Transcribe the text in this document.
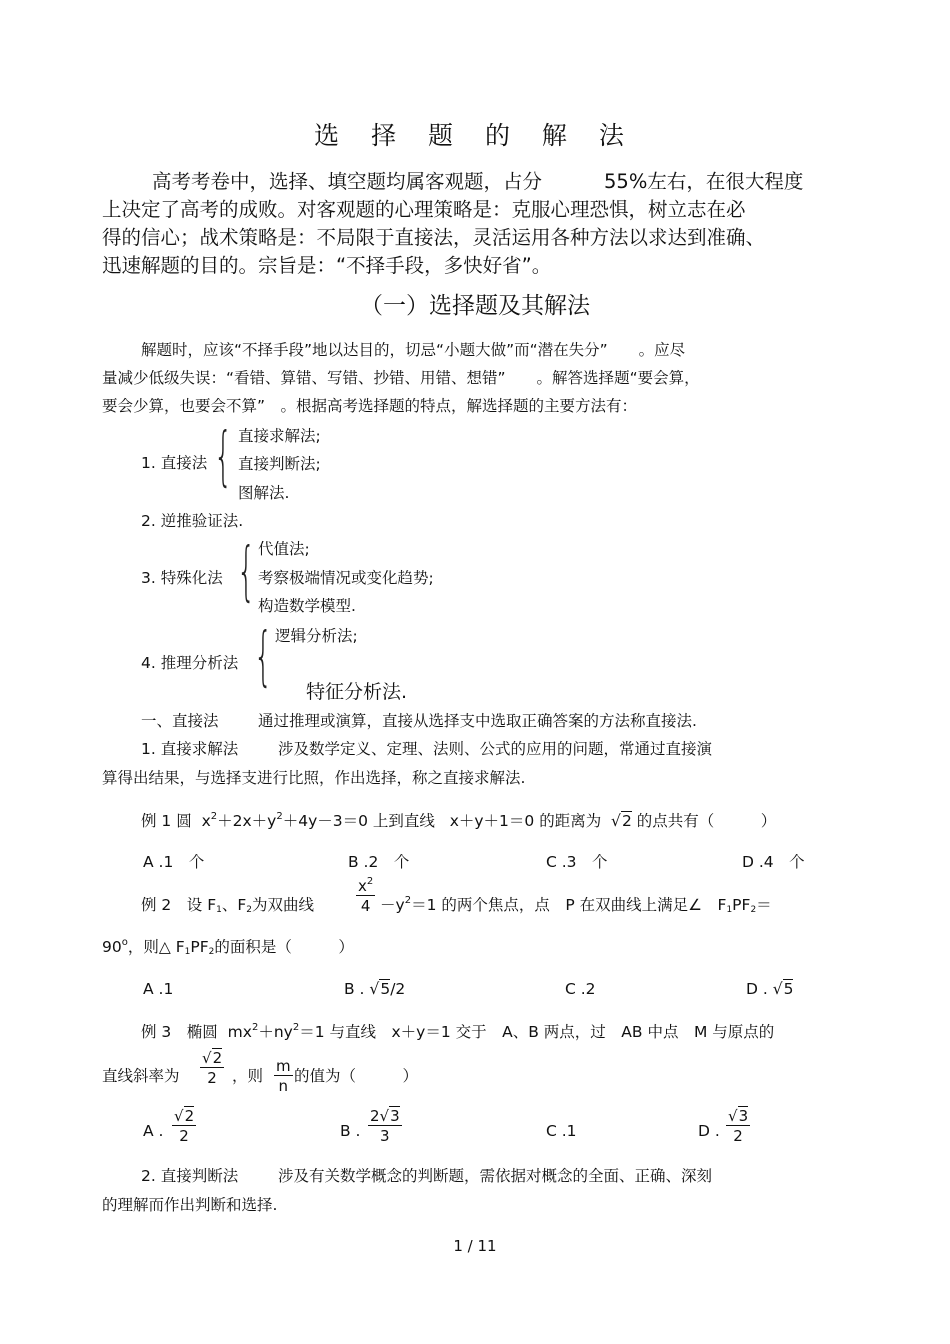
选 择 题 的 解 法
高考考卷中，选择、填空题均属客观题，占分	55%左右，在很大程度
上决定了高考的成败。对客观题的心理策略是：克服心理恐惧，树立志在必
得的信心；战术策略是：不局限于直接法，灵活运用各种方法以求达到准确、
迅速解题的目的。宗旨是：“不择手段，多快好省”。
（一）选择题及其解法
解题时，应该“不择手段”地以达目的，切忌“小题大做”而“潜在失分”　　。应尽
量减少低级失误：“看错、算错、写错、抄错、用错、想错”　　。解答选择题“要会算，
要会少算，也要会不算”　。根据高考选择题的特点，解选择题的主要方法有：
1. 直接法 { 直接求解法;
直接判断法;
图解法.
2. 逆推验证法.
3. 特殊化法 { 代值法;
考察极端情况或变化趋势;
构造数学模型.
4. 推理分析法 { 逻辑分析法;
特征分析法.
一、直接法	通过推理或演算，直接从选择支中选取正确答案的方法称直接法.
1. 直接求解法	涉及数学定义、定理、法则、公式的应用的问题，常通过直接演
算得出结果，与选择支进行比照，作出选择，称之直接求解法.
例 1 圆 $x^2+2x+y^2+4y-3=0$ 上到直线 x＋y＋1＝0 的距离为  √2 的点共有（　　　）
A .1　个	B .2　个	C .3　个	D .4　个
例 2　设 $F_1$、$F_2$为双曲线	$\frac{x^2}{4} -y^2=1$ 的两个焦点，点　P 在双曲线上满足∠　$F_1PF_2=$
$90^o$，则△ $F_1PF_2$的面积是（　　　）
A .1	B . √5/2	C .2	D . √5
例 3　椭圆 $mx^2+ny^2=1$ 与直线　x＋y＝1 交于　A、B 两点，过　AB 中点　M 与原点的
直线斜率为 $\frac{√2}{2}$ ，则 $\frac{m}{n}$ 的值为（　　　）
A . $\frac{√2}{2}$	B . $\frac{2√3}{3}$	C .1	D . $\frac{√3}{2}$
2. 直接判断法	涉及有关数学概念的判断题，需依据对概念的全面、正确、深刻
的理解而作出判断和选择.
1 / 11
